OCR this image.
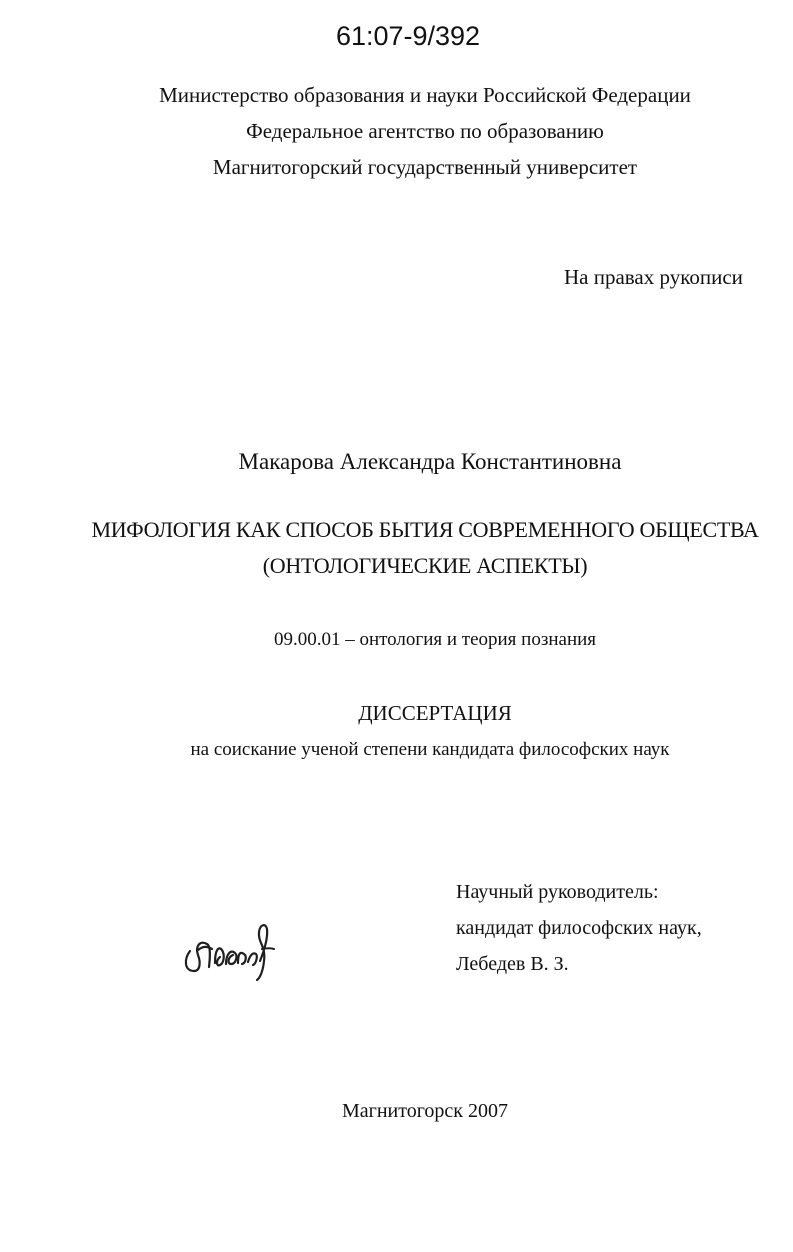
61:07-9/392
Министерство образования и науки Российской Федерации
Федеральное агентство по образованию
Магнитогорский государственный университет
На правах рукописи
Макарова Александра Константиновна
МИФОЛОГИЯ КАК СПОСОБ БЫТИЯ СОВРЕМЕННОГО ОБЩЕСТВА
(ОНТОЛОГИЧЕСКИЕ АСПЕКТЫ)
09.00.01 – онтология и теория познания
ДИССЕРТАЦИЯ
на соискание ученой степени кандидата философских наук
Научный руководитель:
кандидат философских наук,
Лебедев В. З.
Магнитогорск 2007
